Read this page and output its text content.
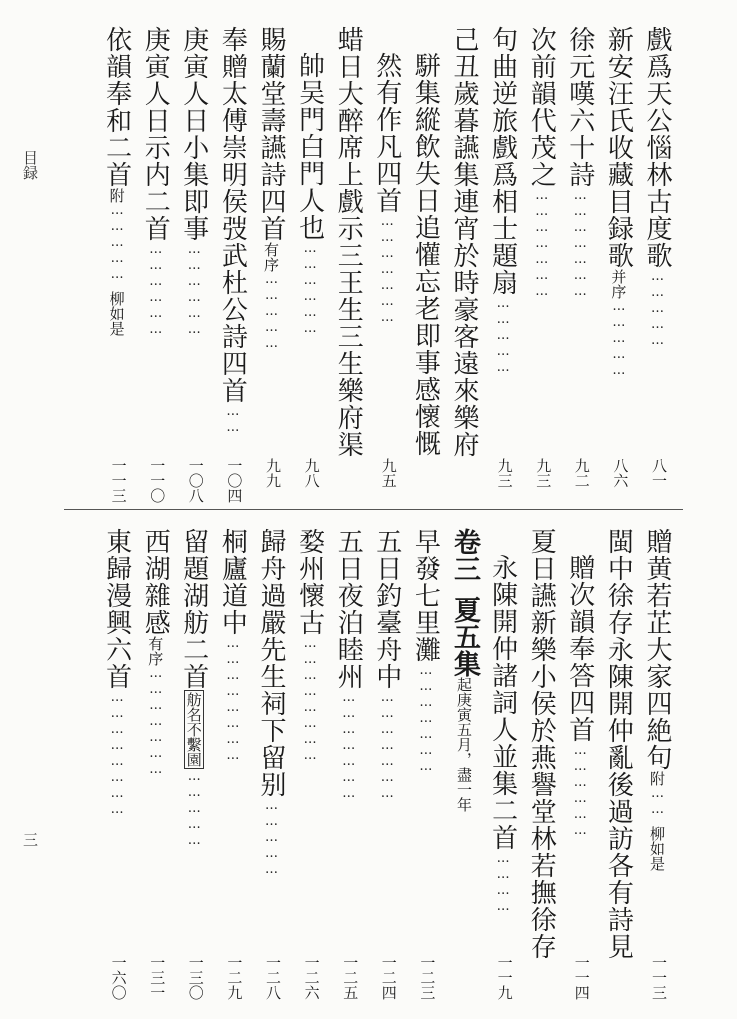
目録
三
戲爲天公惱林古度歌……………
八一
新安汪氏收藏目録歌并序……………
八六
徐元嘆六十詩…………………
九二
次前韻代茂之…………………
九三
句曲逆旅戲爲相士題扇……………
九三
己丑歲暮讌集連宵於時豪客遠來樂府
駢集縱飲失日追懽忘老即事感懷慨
然有作凡四首…………………
九五
蜡日大醉席上戲示三王生三生樂府渠
帥吴門白門人也………………
九八
賜蘭堂壽讌詩四首有序……………
九九
奉贈太傅崇明侯弢武杜公詩四首……
一〇四
庚寅人日小集即事………………
一〇八
庚寅人日示内二首………………
一一〇
依韻奉和二首附……………柳如是
一一三
贈黄若芷大家四絶句附……柳如是
一一三
閩中徐存永陳開仲亂後過訪各有詩見
贈次韻奉答四首………………
一一四
夏日讌新樂小侯於燕譽堂林若撫徐存
永陳開仲諸詞人並集二首…………
一一九
卷三　夏五集起庚寅五月，盡一年
早發七里灘…………………
一二三
五日釣臺舟中…………………
一二四
五日夜泊睦州…………………
一二五
婺州懷古……………………
一二六
歸舟過嚴先生祠下留别……………
一二八
桐廬道中……………………
一二九
留題湖舫二首舫名不繫園……………
一三〇
西湖雜感有序…………………
一三一
東歸漫興六首……………………
一六〇
